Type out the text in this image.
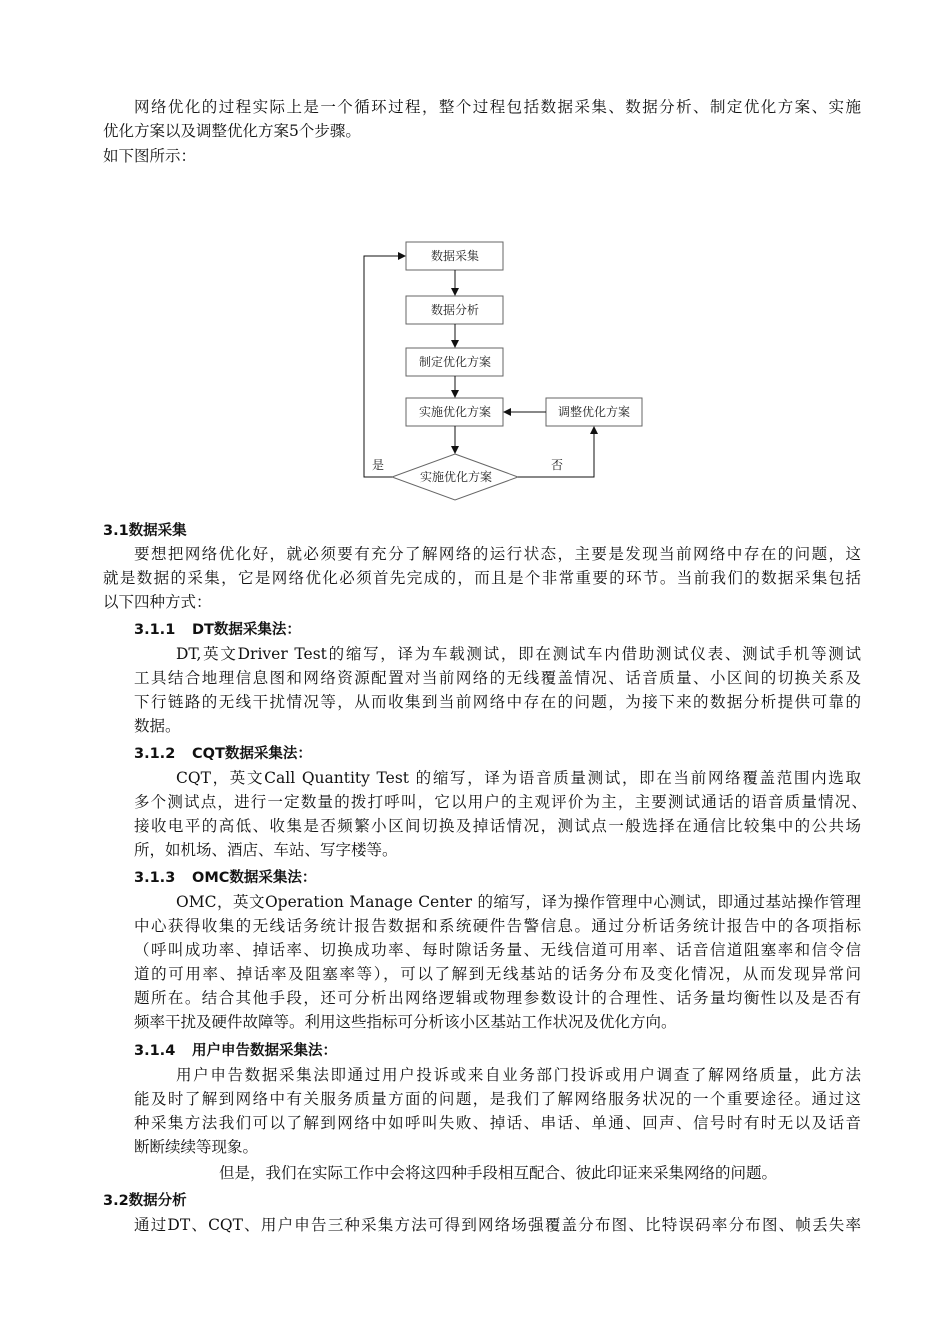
网络优化的过程实际上是一个循环过程，整个过程包括数据采集、数据分析、制定优化方案、实施
优化方案以及调整优化方案5个步骤。
如下图所示：
数据采集
数据分析
制定优化方案
实施优化方案	调整优化方案
实施优化方案
是	否
3.1数据采集
要想把网络优化好，就必须要有充分了解网络的运行状态，主要是发现当前网络中存在的问题，这
就是数据的采集，它是网络优化必须首先完成的，而且是个非常重要的环节。当前我们的数据采集包括
以下四种方式：
3.1.1 DT数据采集法：
DT,英文Driver Test的缩写，译为车载测试，即在测试车内借助测试仪表、测试手机等测试
工具结合地理信息图和网络资源配置对当前网络的无线覆盖情况、话音质量、小区间的切换关系及
下行链路的无线干扰情况等，从而收集到当前网络中存在的问题，为接下来的数据分析提供可靠的
数据。
3.1.2 CQT数据采集法：
CQT，英文Call Quantity Test 的缩写，译为语音质量测试，即在当前网络覆盖范围内选取
多个测试点，进行一定数量的拨打呼叫，它以用户的主观评价为主，主要测试通话的语音质量情况、
接收电平的高低、收集是否频繁小区间切换及掉话情况，测试点一般选择在通信比较集中的公共场
所，如机场、酒店、车站、写字楼等。
3.1.3 OMC数据采集法：
OMC，英文Operation Manage Center 的缩写，译为操作管理中心测试，即通过基站操作管理
中心获得收集的无线话务统计报告数据和系统硬件告警信息。通过分析话务统计报告中的各项指标
（呼叫成功率、掉话率、切换成功率、每时隙话务量、无线信道可用率、话音信道阻塞率和信令信
道的可用率、掉话率及阻塞率等），可以了解到无线基站的话务分布及变化情况，从而发现异常问
题所在。结合其他手段，还可分析出网络逻辑或物理参数设计的合理性、话务量均衡性以及是否有
频率干扰及硬件故障等。利用这些指标可分析该小区基站工作状况及优化方向。
3.1.4 用户申告数据采集法：
用户申告数据采集法即通过用户投诉或来自业务部门投诉或用户调查了解网络质量，此方法
能及时了解到网络中有关服务质量方面的问题，是我们了解网络服务状况的一个重要途径。通过这
种采集方法我们可以了解到网络中如呼叫失败、掉话、串话、单通、回声、信号时有时无以及话音
断断续续等现象。
但是，我们在实际工作中会将这四种手段相互配合、彼此印证来采集网络的问题。
3.2数据分析
通过DT、CQT、用户申告三种采集方法可得到网络场强覆盖分布图、比特误码率分布图、帧丢失率
